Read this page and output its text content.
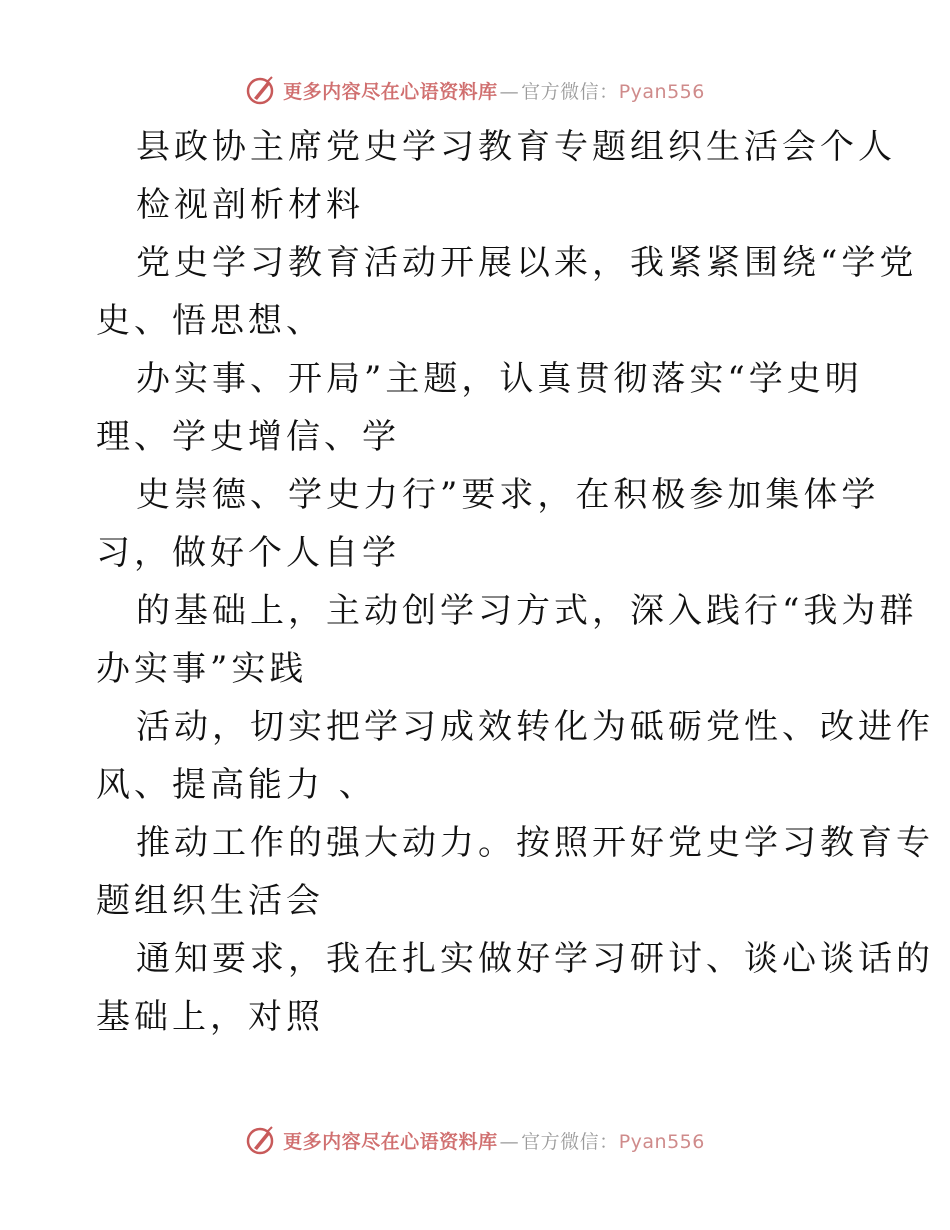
更多内容尽在心语资料库 — 官方微信： Pyan556
县政协主席党史学习教育专题组织生活会个人
检视剖析材料
党史学习教育活动开展以来，我紧紧围绕“学党
史、悟思想、
办实事、开局”主题，认真贯彻落实“学史明
理、学史增信、学
史崇德、学史力行”要求，在积极参加集体学
习，做好个人自学
的基础上，主动创学习方式，深入践行“我为群
办实事”实践
活动，切实把学习成效转化为砥砺党性、改进作
风、提高能力 、
推动工作的强大动力。按照开好党史学习教育专
题组织生活会
通知要求，我在扎实做好学习研讨、谈心谈话的
基础上，对照
更多内容尽在心语资料库 — 官方微信： Pyan556
